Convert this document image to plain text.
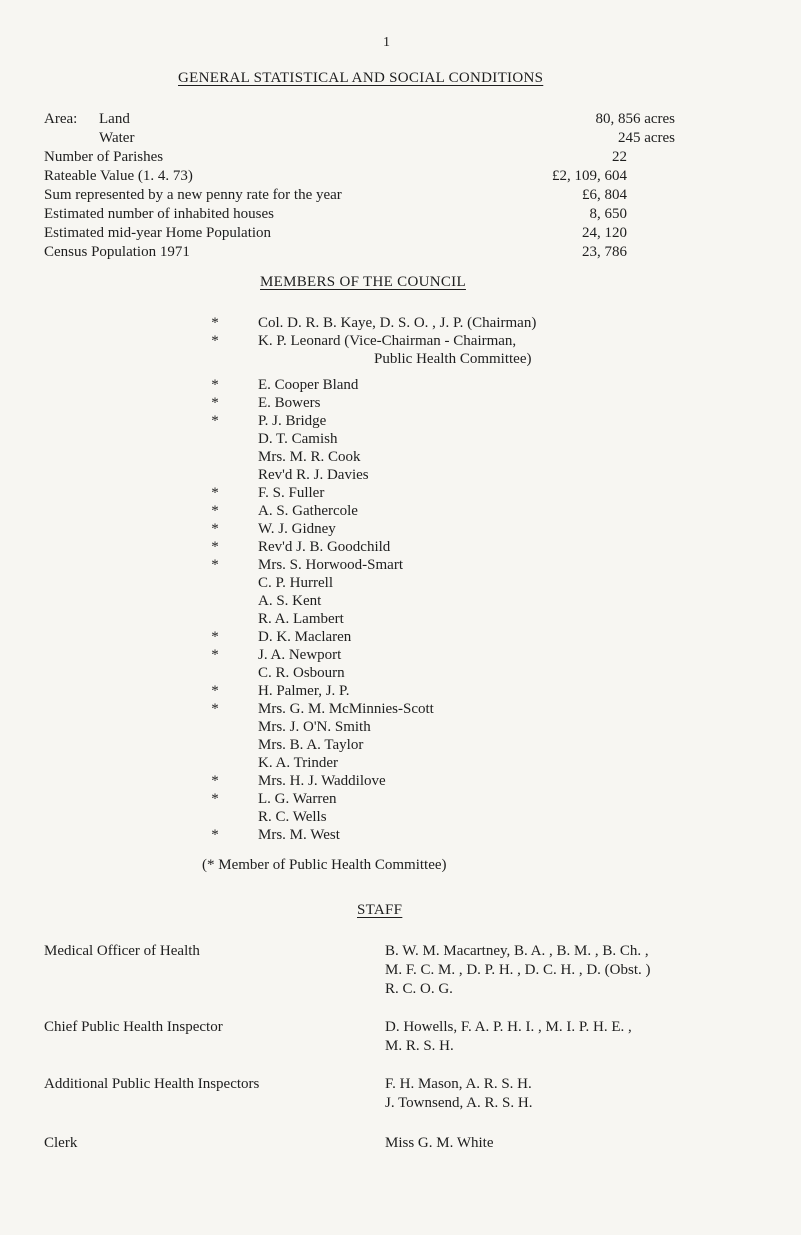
1
GENERAL STATISTICAL AND SOCIAL CONDITIONS
Area: Land	80, 856 acres
Water	245 acres
Number of Parishes	22
Rateable Value (1. 4. 73)	£2, 109, 604
Sum represented by a new penny rate for the year	£6, 804
Estimated number of inhabited houses	8, 650
Estimated mid-year Home Population	24, 120
Census Population 1971	23, 786
MEMBERS OF THE COUNCIL
*	Col. D. R. B. Kaye, D. S. O. , J. P. (Chairman)
*	K. P. Leonard (Vice-Chairman - Chairman,
Public Health Committee)
*	E. Cooper Bland
*	E. Bowers
*	P. J. Bridge
D. T. Camish
Mrs. M. R. Cook
Rev'd R. J. Davies
*	F. S. Fuller
*	A. S. Gathercole
*	W. J. Gidney
*	Rev'd J. B. Goodchild
*	Mrs. S. Horwood-Smart
C. P. Hurrell
A. S. Kent
R. A. Lambert
*	D. K. Maclaren
*	J. A. Newport
C. R. Osbourn
*	H. Palmer, J. P.
*	Mrs. G. M. McMinnies-Scott
Mrs. J. O'N. Smith
Mrs. B. A. Taylor
K. A. Trinder
*	Mrs. H. J. Waddilove
*	L. G. Warren
R. C. Wells
*	Mrs. M. West
(* Member of Public Health Committee)
STAFF
Medical Officer of Health	B. W. M. Macartney, B. A. , B. M. , B. Ch. ,
M. F. C. M. , D. P. H. , D. C. H. , D. (Obst. )
R. C. O. G.
Chief Public Health Inspector	D. Howells, F. A. P. H. I. , M. I. P. H. E. ,
M. R. S. H.
Additional Public Health Inspectors	F. H. Mason, A. R. S. H.
J. Townsend, A. R. S. H.
Clerk	Miss G. M. White
